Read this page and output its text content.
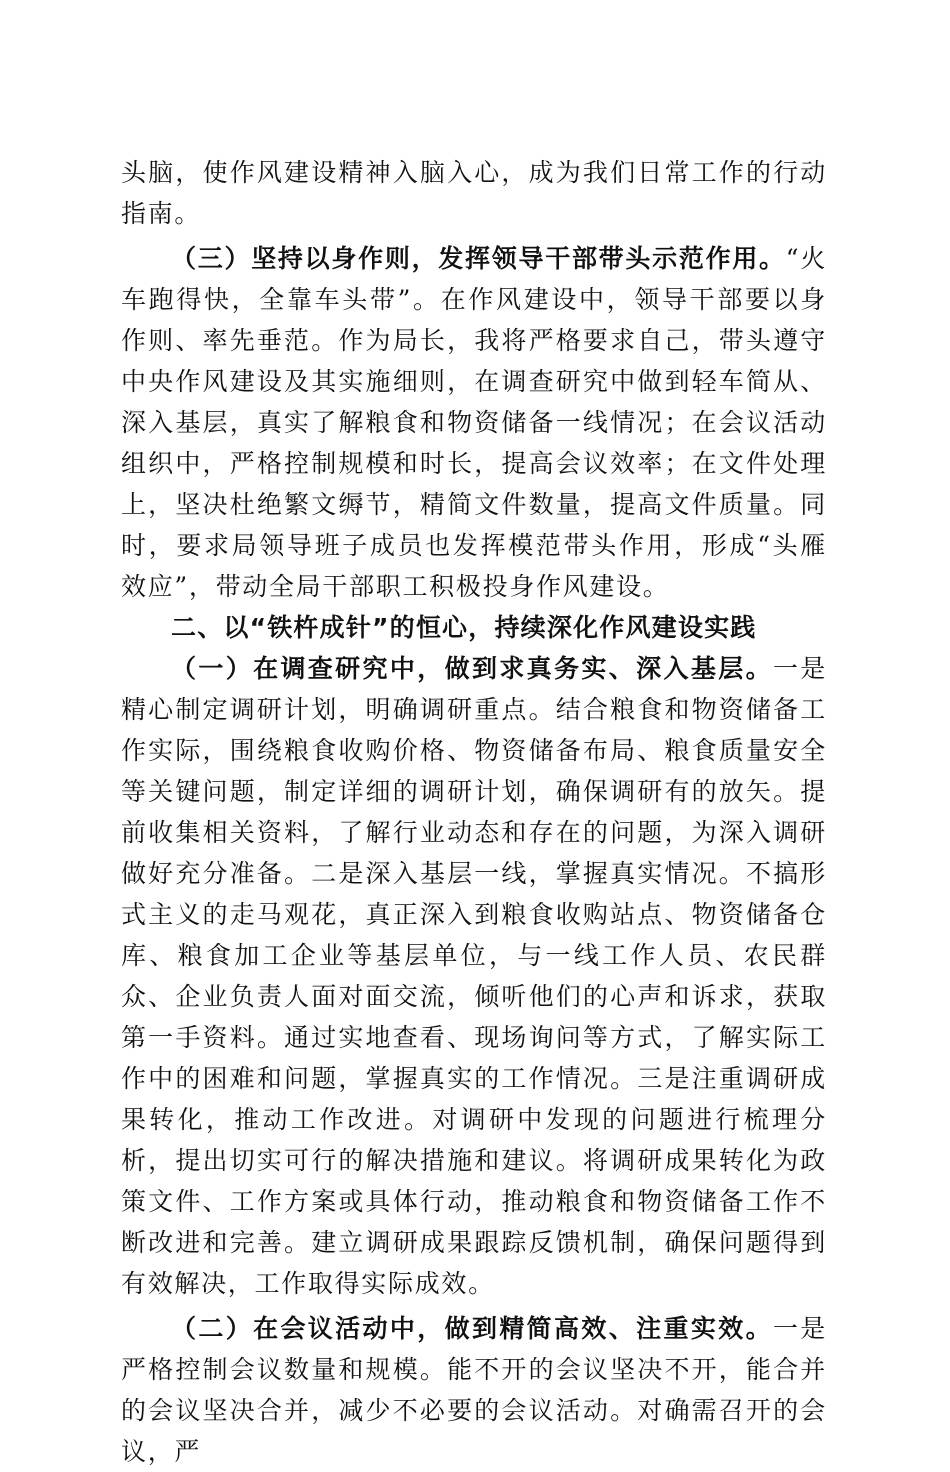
头脑，使作风建设精神入脑入心，成为我们日常工作的行动指南。

（三）坚持以身作则，发挥领导干部带头示范作用。“火车跑得快，全靠车头带”。在作风建设中，领导干部要以身作则、率先垂范。作为局长，我将严格要求自己，带头遵守中央作风建设及其实施细则，在调查研究中做到轻车简从、深入基层，真实了解粮食和物资储备一线情况；在会议活动组织中，严格控制规模和时长，提高会议效率；在文件处理上，坚决杜绝繁文缛节，精简文件数量，提高文件质量。同时，要求局领导班子成员也发挥模范带头作用，形成“头雁效应”，带动全局干部职工积极投身作风建设。

二、以“铁杵成针”的恒心，持续深化作风建设实践

（一）在调查研究中，做到求真务实、深入基层。一是精心制定调研计划，明确调研重点。结合粮食和物资储备工作实际，围绕粮食收购价格、物资储备布局、粮食质量安全等关键问题，制定详细的调研计划，确保调研有的放矢。提前收集相关资料，了解行业动态和存在的问题，为深入调研做好充分准备。二是深入基层一线，掌握真实情况。不搞形式主义的走马观花，真正深入到粮食收购站点、物资储备仓库、粮食加工企业等基层单位，与一线工作人员、农民群众、企业负责人面对面交流，倾听他们的心声和诉求，获取第一手资料。通过实地查看、现场询问等方式，了解实际工作中的困难和问题，掌握真实的工作情况。三是注重调研成果转化，推动工作改进。对调研中发现的问题进行梳理分析，提出切实可行的解决措施和建议。将调研成果转化为政策文件、工作方案或具体行动，推动粮食和物资储备工作不断改进和完善。建立调研成果跟踪反馈机制，确保问题得到有效解决，工作取得实际成效。

（二）在会议活动中，做到精简高效、注重实效。一是严格控制会议数量和规模。能不开的会议坚决不开，能合并的会议坚决合并，减少不必要的会议活动。对确需召开的会议，严
